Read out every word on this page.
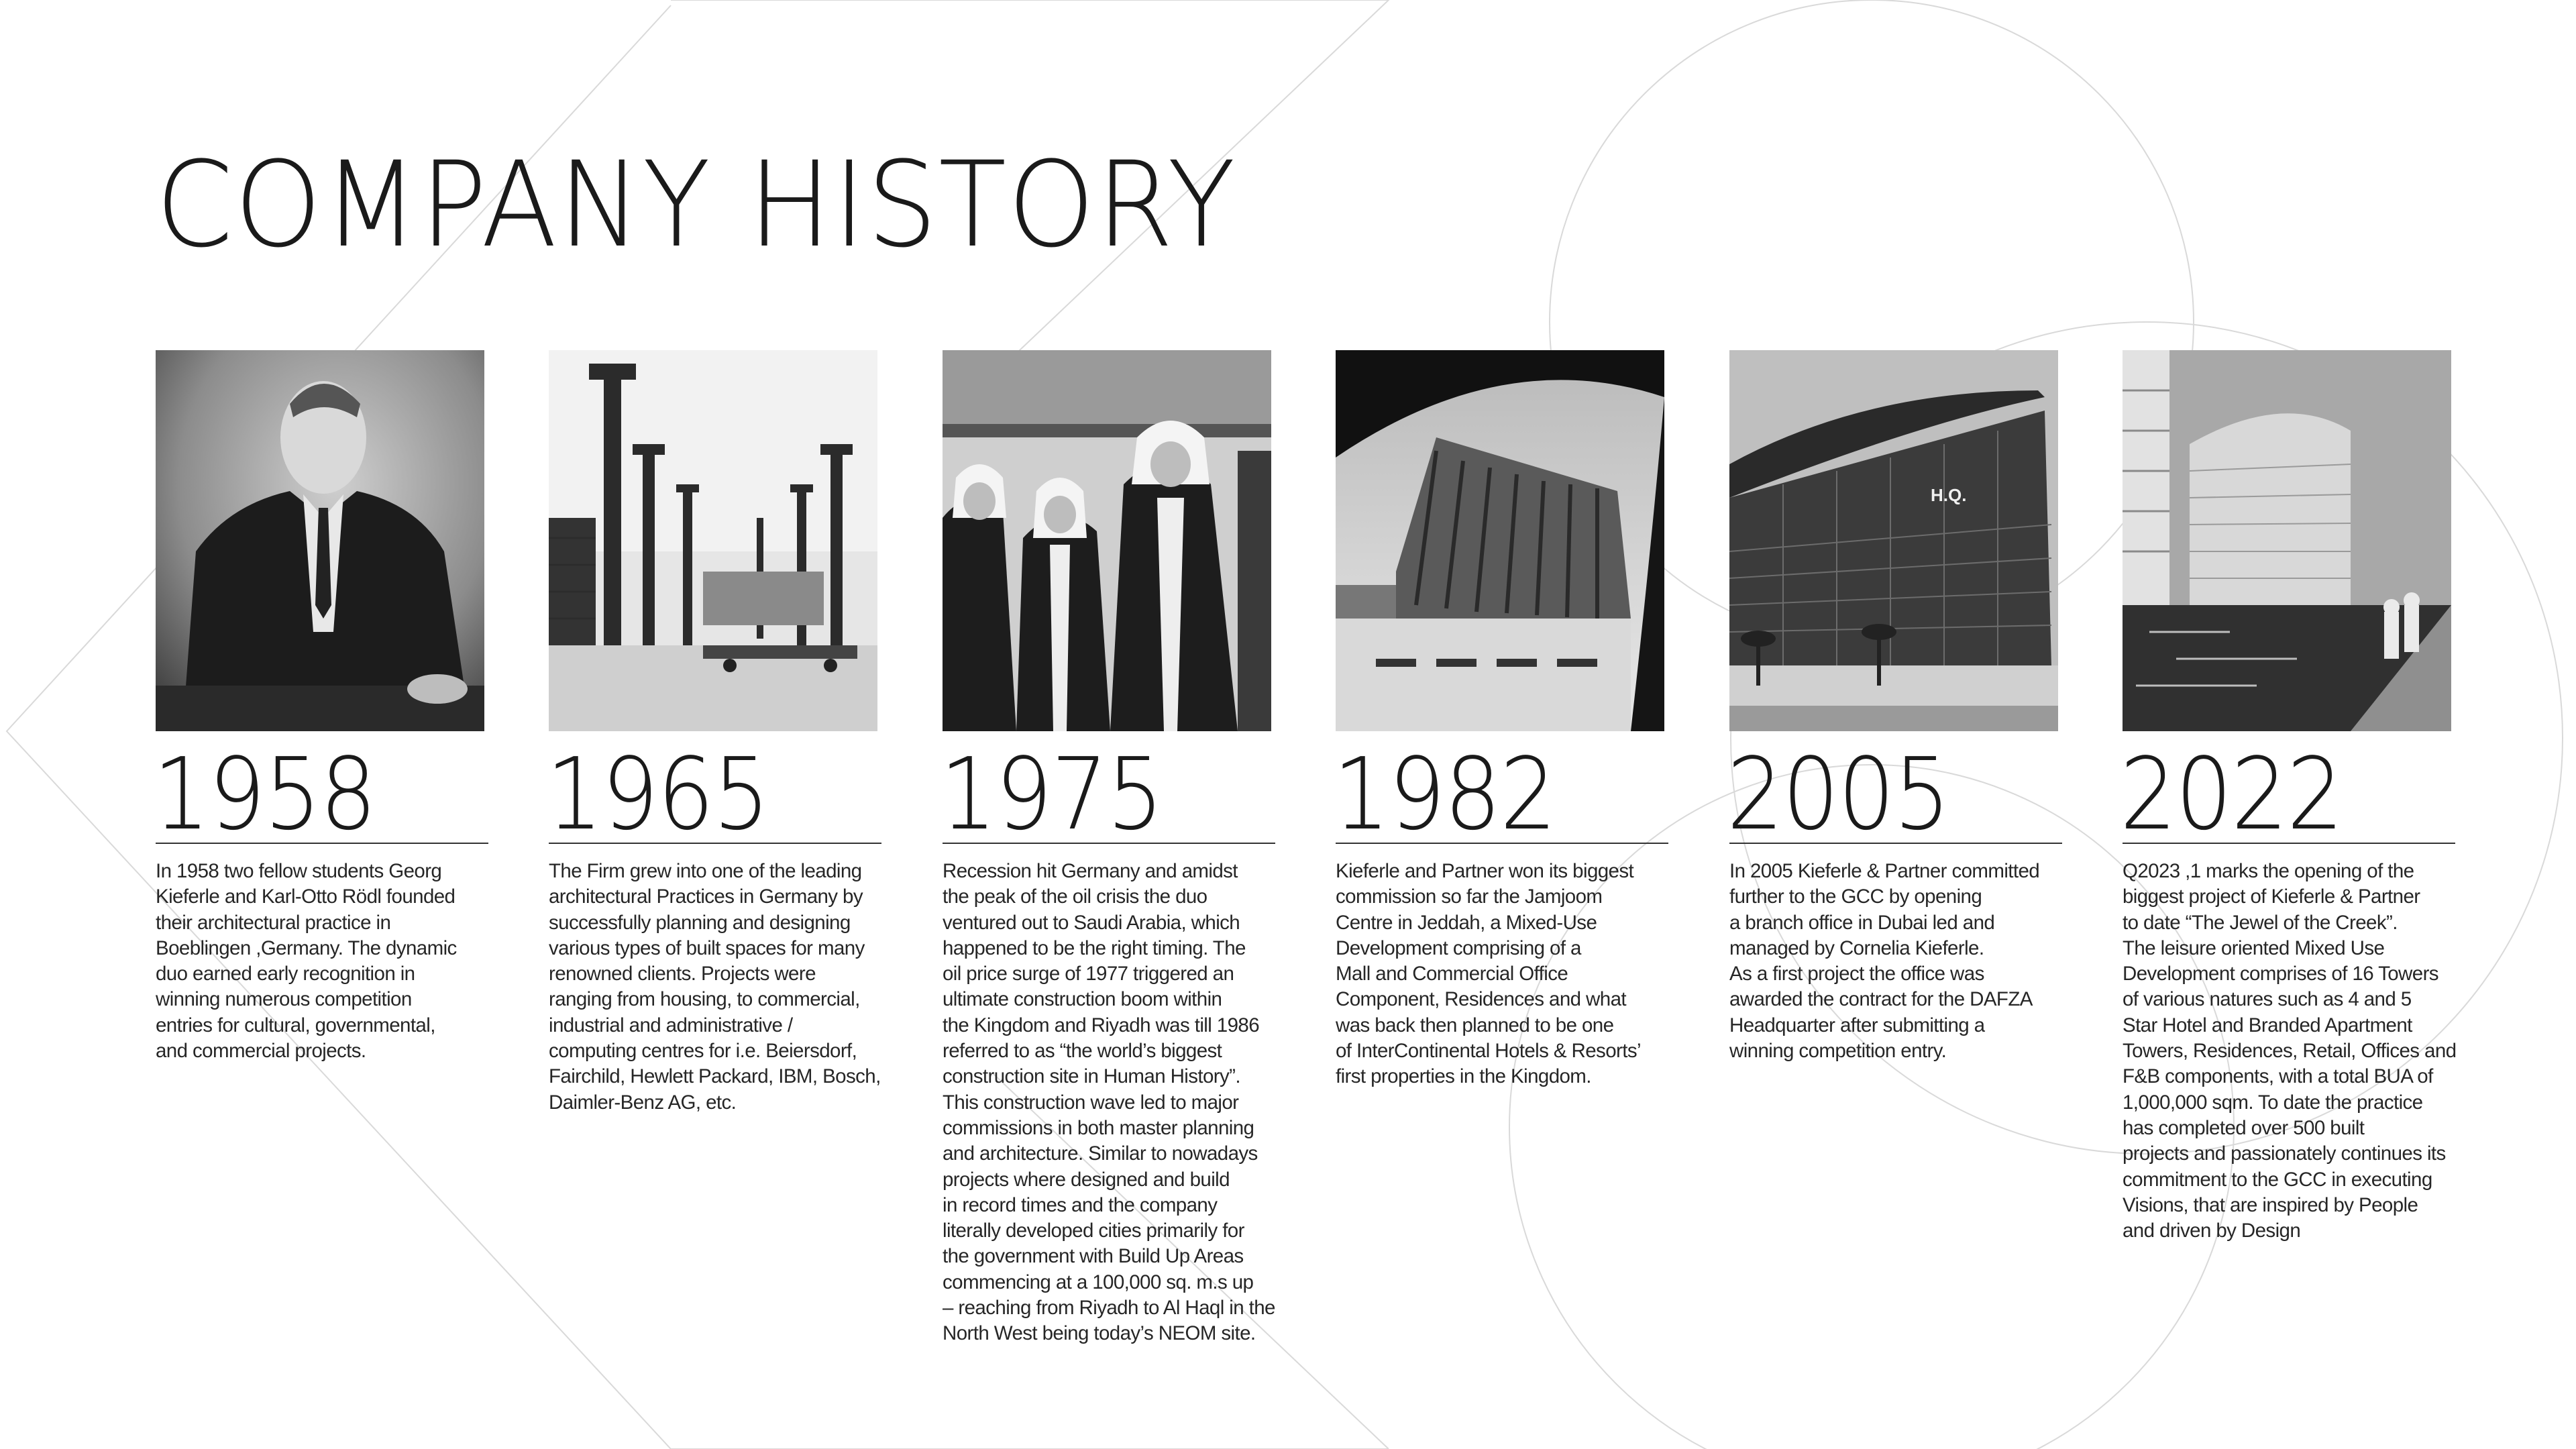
COMPANY HISTORY
1958
In 1958 two fellow students Georg
Kieferle and Karl-Otto Rödl founded
their architectural practice in
Boeblingen ,Germany. The dynamic
duo earned early recognition in
winning numerous competition
entries for cultural, governmental,
and commercial projects.
1965
The Firm grew into one of the leading
architectural Practices in Germany by
successfully planning and designing
various types of built spaces for many
renowned clients. Projects were
ranging from housing, to commercial,
industrial and administrative /
computing centres for i.e. Beiersdorf,
Fairchild, Hewlett Packard, IBM, Bosch,
Daimler-Benz AG, etc.
1975
Recession hit Germany and amidst
the peak of the oil crisis the duo
ventured out to Saudi Arabia, which
happened to be the right timing. The
oil price surge of 1977 triggered an
ultimate construction boom within
the Kingdom and Riyadh was till 1986
referred to as “the world’s biggest
construction site in Human History”.
This construction wave led to major
commissions in both master planning
and architecture. Similar to nowadays
projects where designed and build
in record times and the company
literally developed cities primarily for
the government with Build Up Areas
commencing at a 100,000 sq. m.s up
– reaching from Riyadh to Al Haql in the
North West being today’s NEOM site.
1982
Kieferle and Partner won its biggest
commission so far the Jamjoom
Centre in Jeddah, a Mixed-Use
Development comprising of a
Mall and Commercial Office
Component, Residences and what
was back then planned to be one
of InterContinental Hotels & Resorts’
first properties in the Kingdom.
H.Q.
2005
In 2005 Kieferle & Partner committed
further to the GCC by opening
a branch office in Dubai led and
managed by Cornelia Kieferle.
As a first project the office was
awarded the contract for the DAFZA
Headquarter after submitting a
winning competition entry.
2022
Q2023 ,1 marks the opening of the
biggest project of Kieferle & Partner
to date “The Jewel of the Creek”.
The leisure oriented Mixed Use
Development comprises of 16 Towers
of various natures such as 4 and 5
Star Hotel and Branded Apartment
Towers, Residences, Retail, Offices and
F&B components, with a total BUA of
1,000,000 sqm. To date the practice
has completed over 500 built
projects and passionately continues its
commitment to the GCC in executing
Visions, that are inspired by People
and driven by Design
